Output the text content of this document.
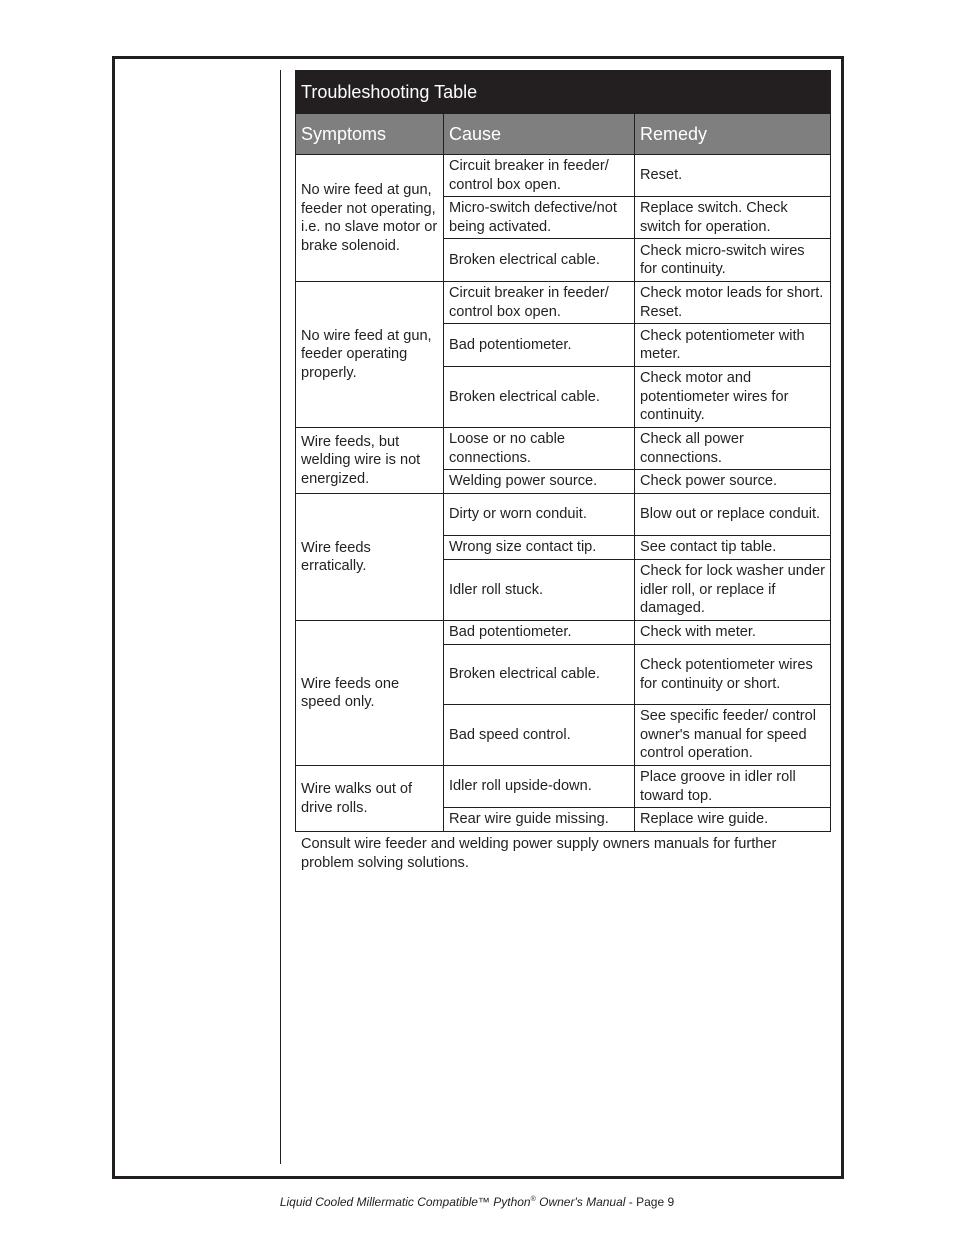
Troubleshooting Table		
Symptoms	Cause	Remedy
No wire feed at gun, feeder not operating, i.e. no slave motor or brake solenoid.	Circuit breaker in feeder/ control box open.	Reset.
	Micro-switch defective/not being activated.	Replace switch. Check switch for operation.
	Broken electrical cable.	Check micro-switch wires for continuity.
No wire feed at gun, feeder operating properly.	Circuit breaker in feeder/ control box open.	Check motor leads for short. Reset.
	Bad potentiometer.	Check potentiometer with meter.
	Broken electrical cable.	Check motor and potentiometer wires for continuity.
Wire feeds, but welding wire is not energized.	Loose or no cable connections.	Check all power connections.
	Welding power source.	Check power source.
Wire feeds erratically.	Dirty or worn conduit.	Blow out or replace conduit.
	Wrong size contact tip.	See contact tip table.
	Idler roll stuck.	Check for lock washer under idler roll, or replace if damaged.
Wire feeds one speed only.	Bad potentiometer.	Check with meter.
	Broken electrical cable.	Check potentiometer wires for continuity or short.
	Bad speed control.	See specific feeder/ control owner's manual for speed control operation.
Wire walks out of drive rolls.	Idler roll upside-down.	Place groove in idler roll toward top.
	Rear wire guide missing.	Replace wire guide.
Consult wire feeder and welding power supply owners manuals for further problem solving solutions.
Liquid Cooled Millermatic Compatible™ Python® Owner's Manual - Page 9
